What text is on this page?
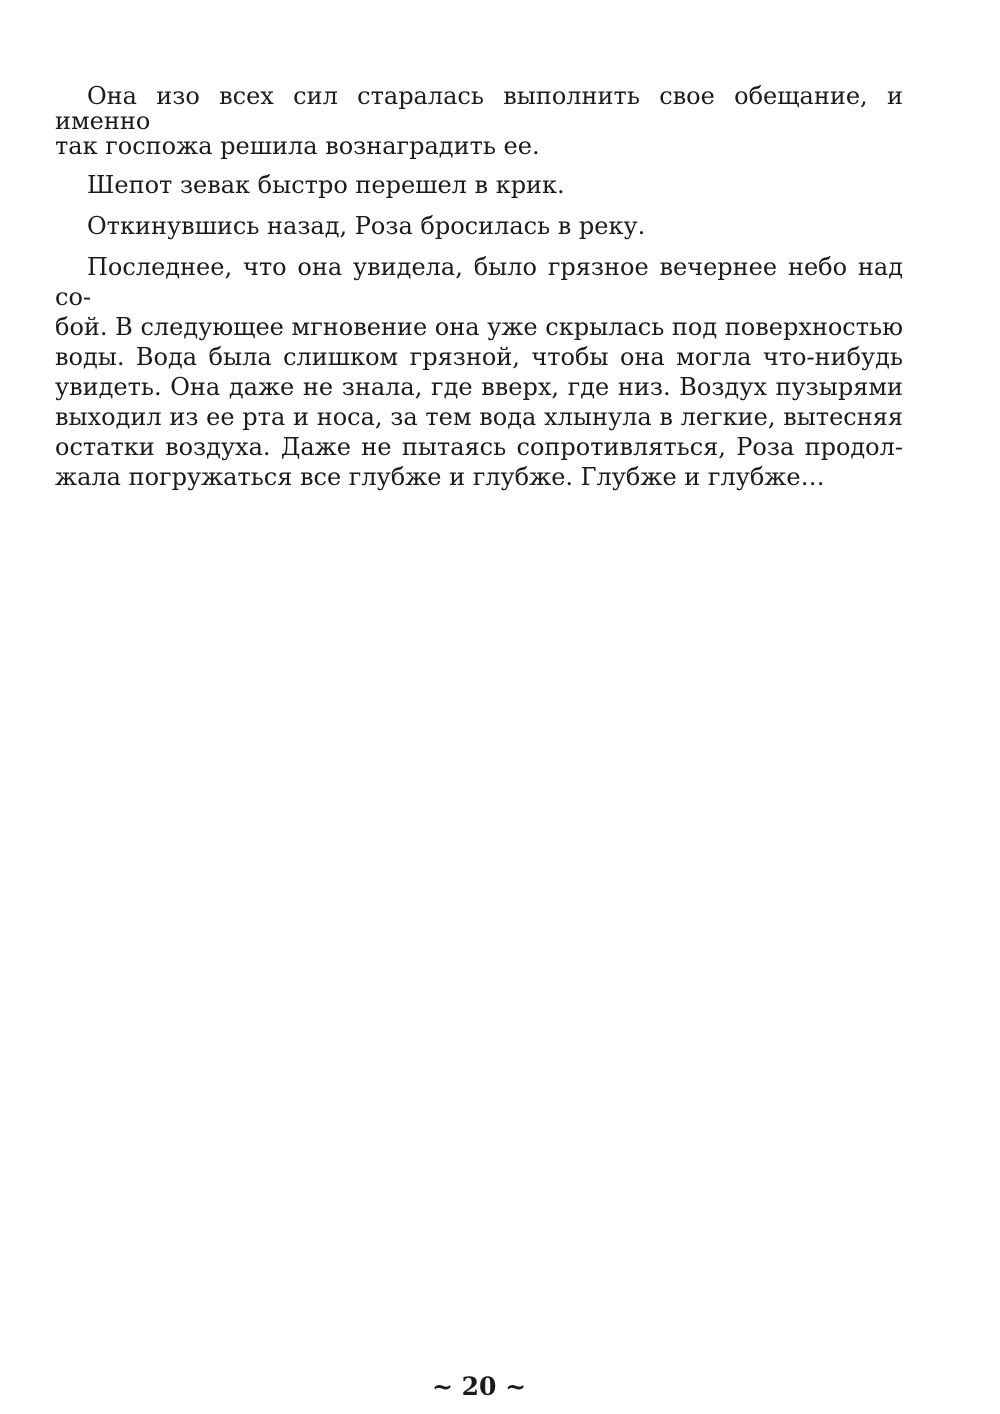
Она изо всех сил старалась выполнить свое обещание, и именно
так госпожа решила вознаградить ее.
Шепот зевак быстро перешел в крик.
Откинувшись назад, Роза бросилась в реку.
Последнее, что она увидела, было грязное вечернее небо над со-
бой. В следующее мгновение она уже скрылась под поверхностью
воды. Вода была слишком грязной, чтобы она могла что-нибудь
увидеть. Она даже не знала, где вверх, где низ. Воздух пузырями
выходил из ее рта и носа, за тем вода хлынула в легкие, вытесняя
остатки воздуха. Даже не пытаясь сопротивляться, Роза продол-
жала погружаться все глубже и глубже. Глубже и глубже…
~ 20 ~
